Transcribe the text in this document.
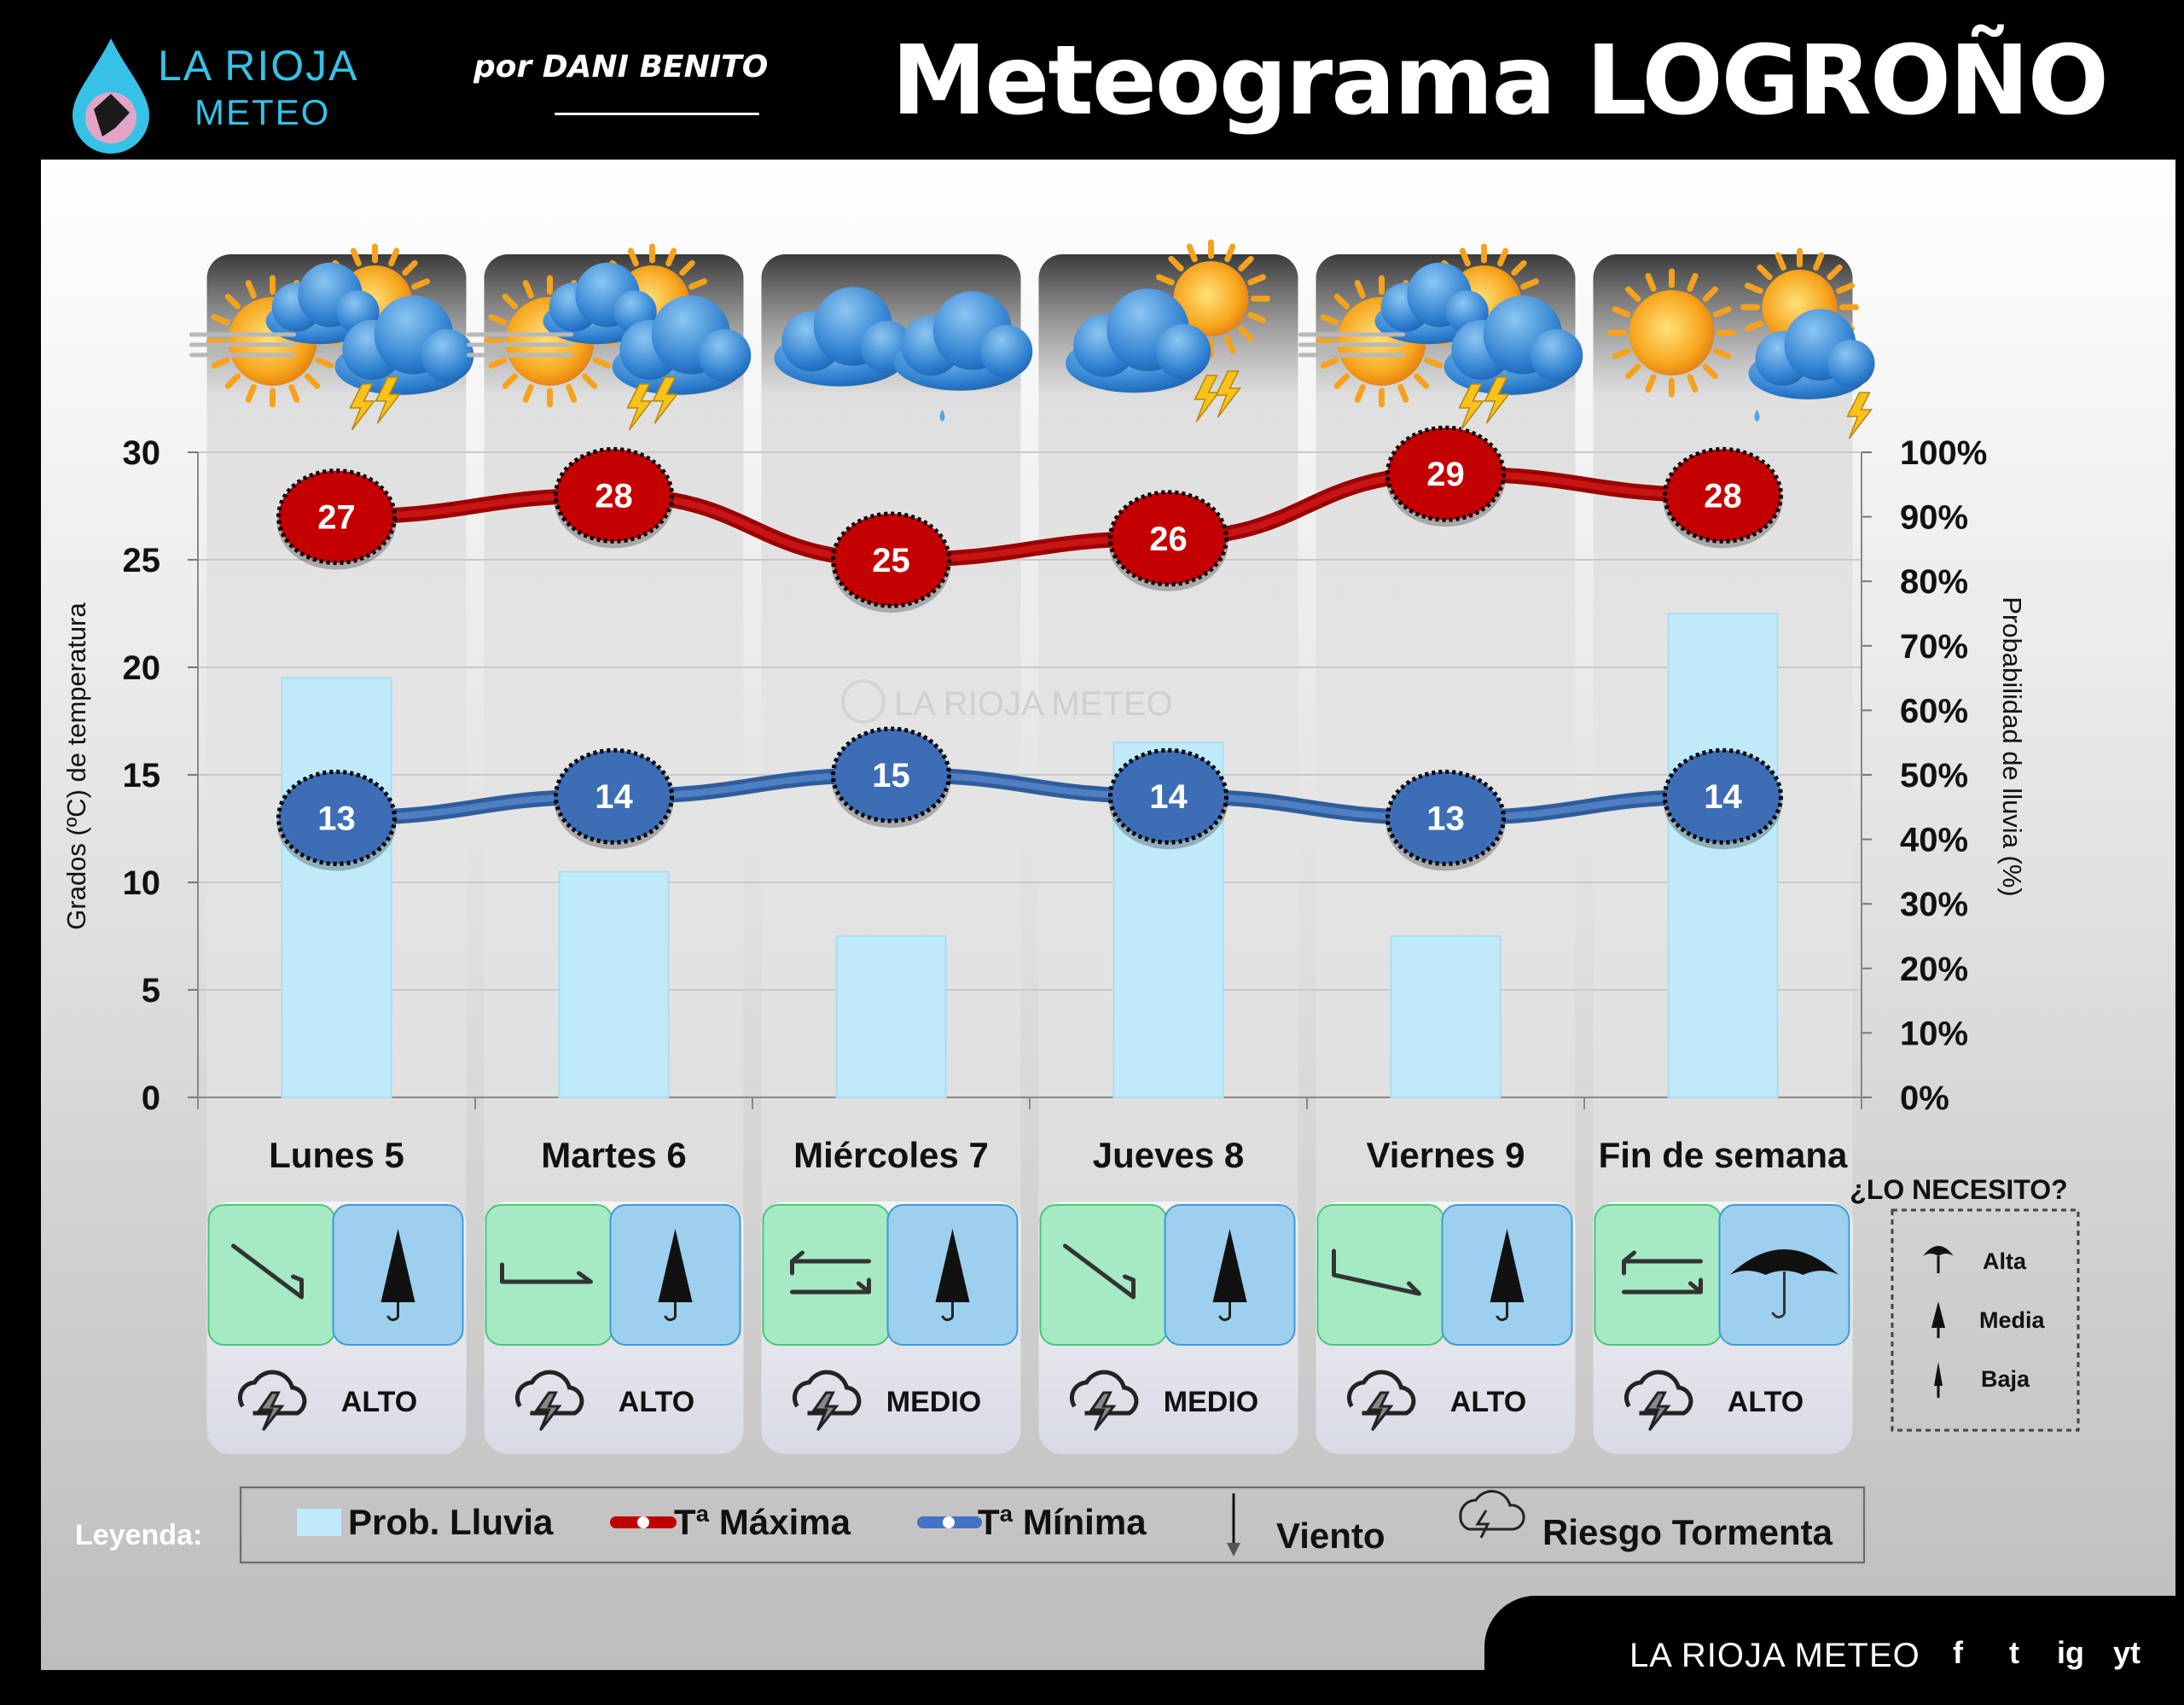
LA RIOJA
METEO
por DANI BENITO Meteograma LOGROÑO
0
5
10
15
20
25
30
0%
10%
20%
30%
40%
50%
60%
70%
80%
90%
100%
LA RIOJA METEO
27
28
25
26
29
28
13
14
15
14
13
14
Grados (ºC) de temperatura	Probabilidad de lluvia (%)
Lunes 5
ALTO
Martes 6
ALTO
Miércoles 7
MEDIO
Jueves 8
MEDIO
Viernes 9
ALTO
Fin de semana
ALTO
¿LO NECESITO?
Alta
Media
Baja
Leyenda:	Prob. Lluvia	Tª Máxima	Tª Mínima	Viento	Riesgo Tormenta
LA RIOJA METEO	f t ig yt
